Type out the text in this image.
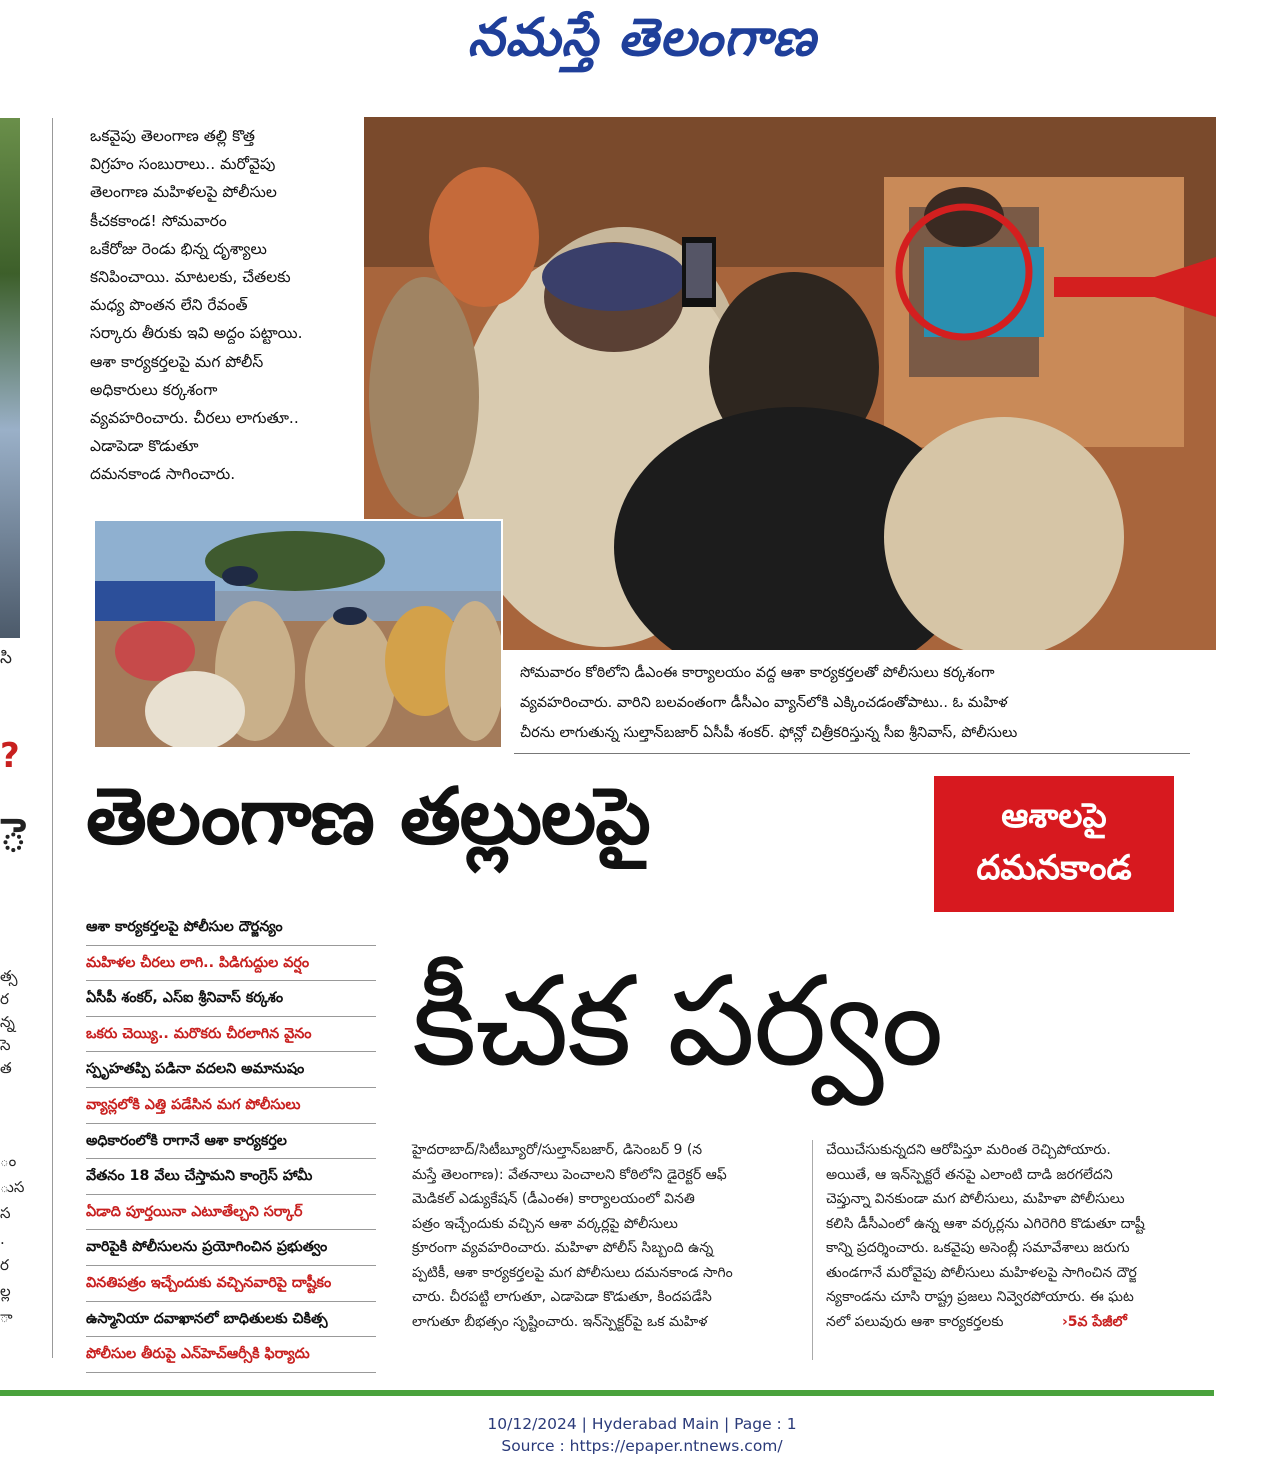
నమస్తే తెలంగాణ
సి
?
ె
త్స
ర
న్న
సె
త
ం
ుస
స
.
ర
ల్ల
ా
ఒకవైపు తెలంగాణ తల్లి కొత్త
విగ్రహం సంబురాలు.. మరోవైపు
తెలంగాణ మహిళలపై పోలీసుల
కీచకకాండ! సోమవారం
ఒకేరోజు రెండు భిన్న దృశ్యాలు
కనిపించాయి. మాటలకు, చేతలకు
మధ్య పొంతన లేని రేవంత్
సర్కారు తీరుకు ఇవి అద్దం పట్టాయి.
ఆశా కార్యకర్తలపై మగ పోలీస్
అధికారులు కర్కశంగా
వ్యవహరించారు. చీరలు లాగుతూ..
ఎడాపెడా కొడుతూ
దమనకాండ సాగించారు.
సోమవారం కోఠిలోని డీఎంఈ కార్యాలయం వద్ద ఆశా కార్యకర్తలతో పోలీసులు కర్కశంగా
వ్యవహరించారు. వారిని బలవంతంగా డీసీఎం వ్యాన్‌లోకి ఎక్కించడంతోపాటు.. ఓ మహిళ
చీరను లాగుతున్న సుల్తాన్‌బజార్ ఏసీపీ శంకర్. ఫోన్లో చిత్రీకరిస్తున్న సీఐ శ్రీనివాస్, పోలీసులు
తెలంగాణ తల్లులపై	ఆశాలపై
దమనకాండ
కీచక పర్వం
ఆశా కార్యకర్తలపై పోలీసుల దౌర్జన్యం
మహిళల చీరలు లాగి.. పిడిగుద్దుల వర్షం
ఏసీపీ శంకర్, ఎస్ఐ శ్రీనివాస్ కర్కశం
ఒకరు చెయ్యి.. మరొకరు చీరలాగిన వైనం
స్పృహతప్పి పడినా వదలని అమానుషం
వ్యాన్లలోకి ఎత్తి పడేసిన మగ పోలీసులు
అధికారంలోకి రాగానే ఆశా కార్యకర్తల
వేతనం 18 వేలు చేస్తామని కాంగ్రెస్ హామీ
ఏడాది పూర్తయినా ఎటూతేల్చని సర్కార్
వారిపైకి పోలీసులను ప్రయోగించిన ప్రభుత్వం
వినతిపత్రం ఇచ్చేందుకు వచ్చినవారిపై దాష్టీకం
ఉస్మానియా దవాఖానలో బాధితులకు చికిత్స
పోలీసుల తీరుపై ఎన్‌హెచ్‌ఆర్సీకి ఫిర్యాదు
హైదరాబాద్/సిటీబ్యూరో/సుల్తాన్‌బజార్, డిసెంబర్ 9 (న
మస్తే తెలంగాణ): వేతనాలు పెంచాలని కోఠిలోని డైరెక్టర్ ఆఫ్
మెడికల్ ఎడ్యుకేషన్ (డీఎంఈ) కార్యాలయంలో వినతి
పత్రం ఇచ్చేందుకు వచ్చిన ఆశా వర్కర్లపై పోలీసులు
క్రూరంగా వ్యవహరించారు. మహిళా పోలీస్ సిబ్బంది ఉన్న
ప్పటికీ, ఆశా కార్యకర్తలపై మగ పోలీసులు దమనకాండ సాగిం
చారు. చీరపట్టి లాగుతూ, ఎడాపెడా కొడుతూ, కిందపడేసి
లాగుతూ బీభత్సం సృష్టించారు. ఇన్‌స్పెక్టర్‌పై ఒక మహిళ
చేయిచేసుకున్నదని ఆరోపిస్తూ మరింత రెచ్చిపోయారు.
అయితే, ఆ ఇన్‌స్పెక్టరే తనపై ఎలాంటి దాడి జరగలేదని
చెప్తున్నా వినకుండా మగ పోలీసులు, మహిళా పోలీసులు
కలిసి డీసీఎంలో ఉన్న ఆశా వర్కర్లను ఎగిరెగిరి కొడుతూ దాష్టీ
కాన్ని ప్రదర్శించారు. ఒకవైపు అసెంబ్లీ సమావేశాలు జరుగు
తుండగానే మరోవైపు పోలీసులు మహిళలపై సాగించిన దౌర్జ
న్యకాండను చూసి రాష్ట్ర ప్రజలు నివ్వెరపోయారు. ఈ ఘట
నలో పలువురు ఆశా కార్యకర్తలకు	›5వ పేజీలో
10/12/2024 | Hyderabad Main | Page : 1
Source : https://epaper.ntnews.com/
